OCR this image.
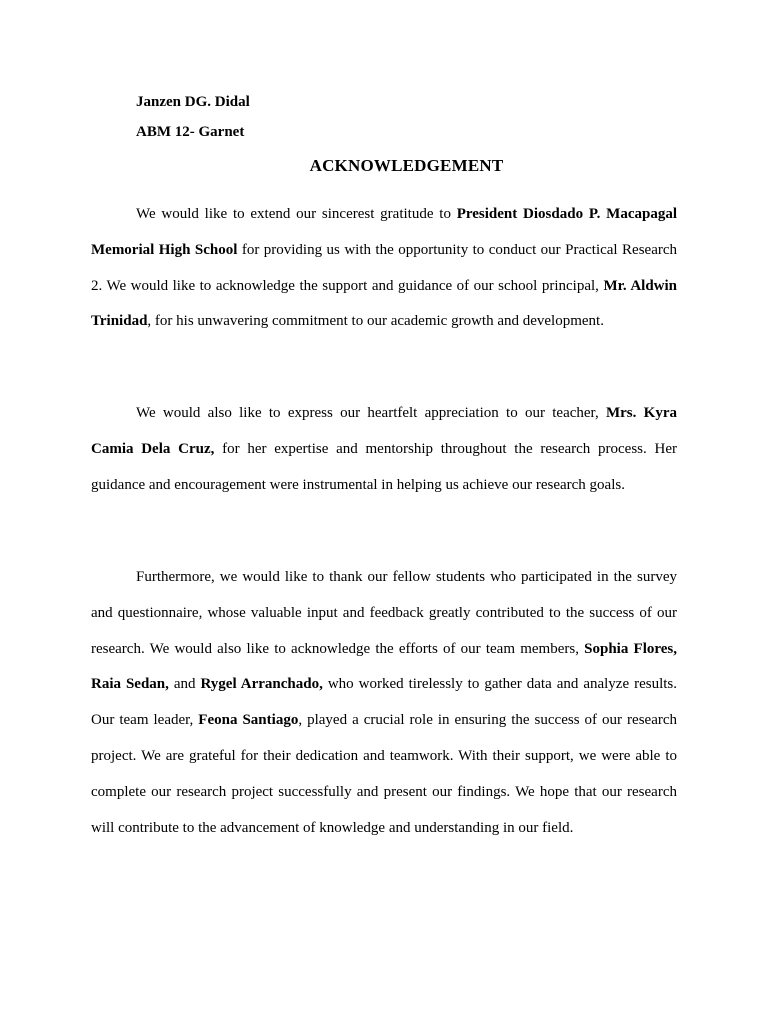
Janzen DG. Didal
ABM 12- Garnet
ACKNOWLEDGEMENT

We would like to extend our sincerest gratitude to President Diosdado P. Macapagal Memorial High School for providing us with the opportunity to conduct our Practical Research 2. We would like to acknowledge the support and guidance of our school principal, Mr. Aldwin Trinidad, for his unwavering commitment to our academic growth and development.

We would also like to express our heartfelt appreciation to our teacher, Mrs. Kyra Camia Dela Cruz, for her expertise and mentorship throughout the research process. Her guidance and encouragement were instrumental in helping us achieve our research goals.

Furthermore, we would like to thank our fellow students who participated in the survey and questionnaire, whose valuable input and feedback greatly contributed to the success of our research. We would also like to acknowledge the efforts of our team members, Sophia Flores, Raia Sedan, and Rygel Arranchado, who worked tirelessly to gather data and analyze results. Our team leader, Feona Santiago, played a crucial role in ensuring the success of our research project. We are grateful for their dedication and teamwork. With their support, we were able to complete our research project successfully and present our findings. We hope that our research will contribute to the advancement of knowledge and understanding in our field.
